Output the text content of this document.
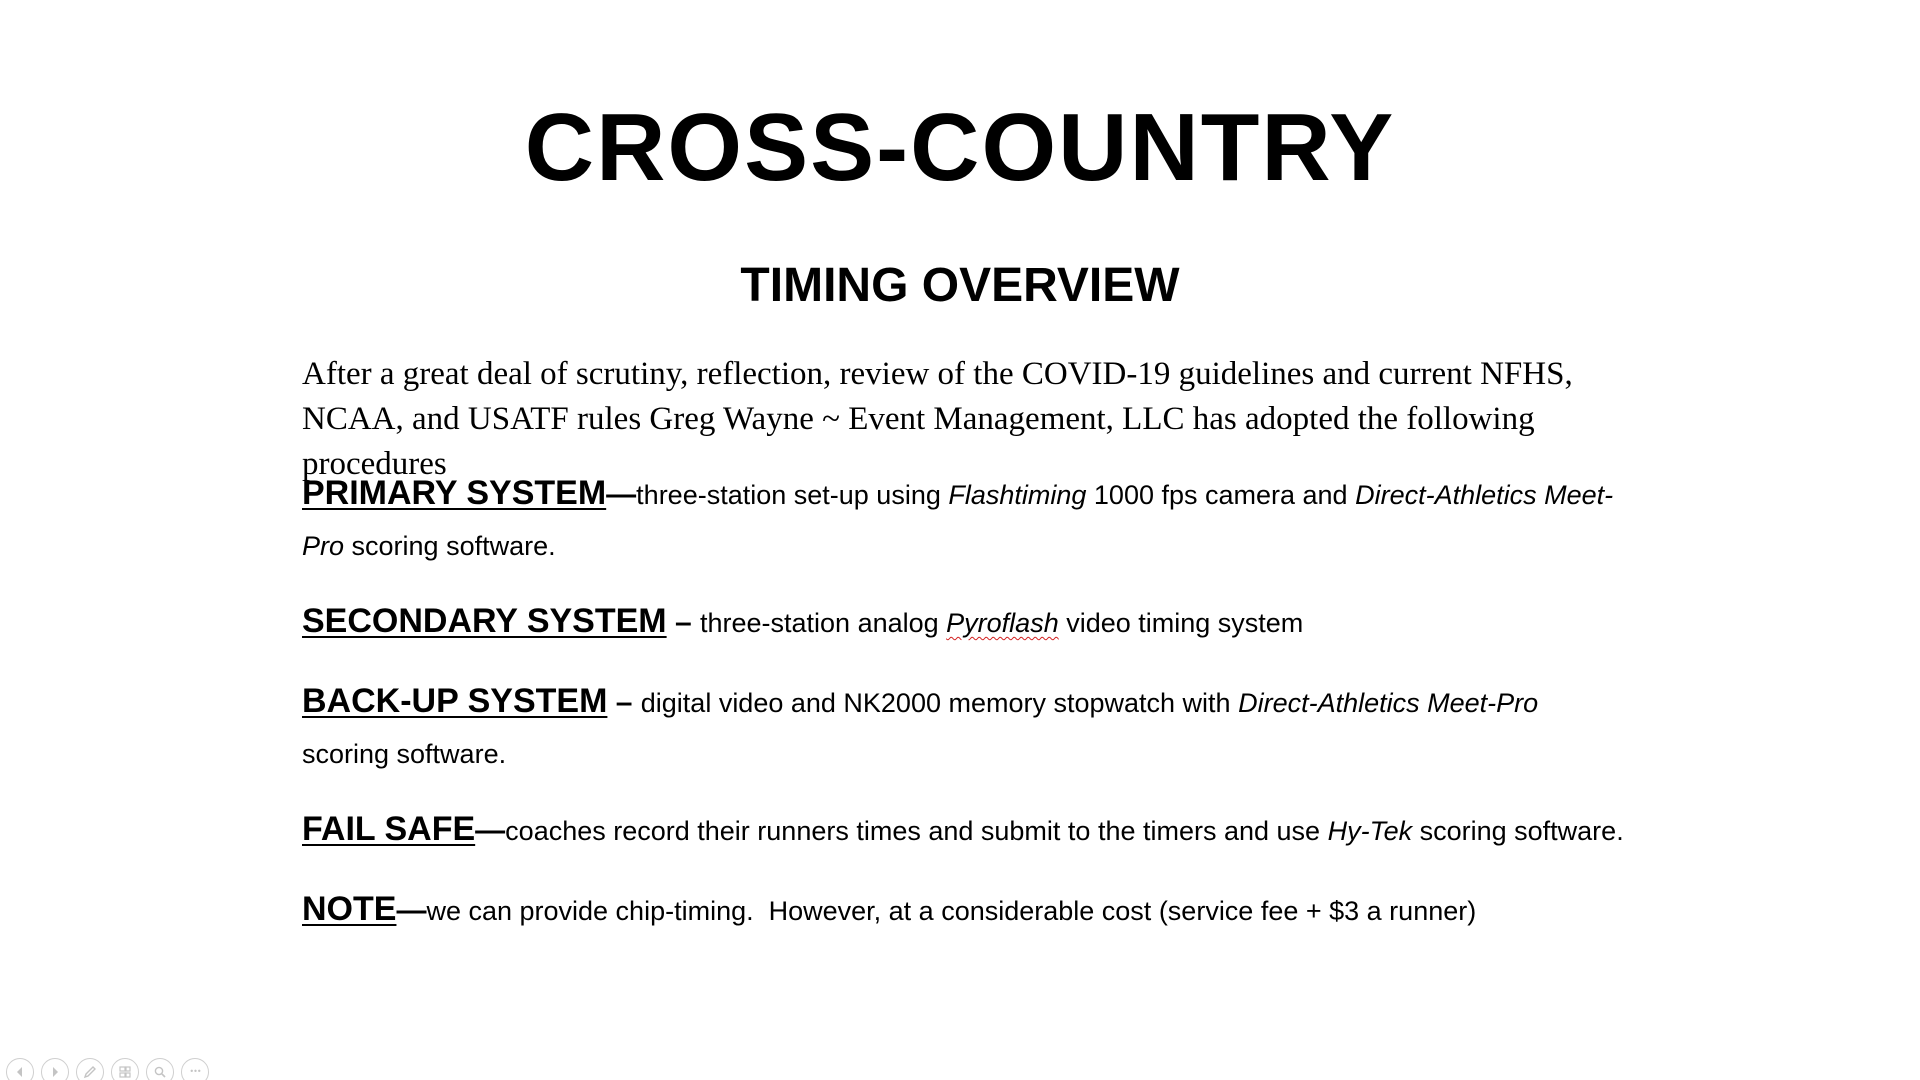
CROSS-COUNTRY
TIMING OVERVIEW

After a great deal of scrutiny, reflection, review of the COVID-19 guidelines and current NFHS, NCAA, and USATF rules Greg Wayne ~ Event Management, LLC has adopted the following procedures

PRIMARY SYSTEM—three-station set-up using Flashtiming 1000 fps camera and Direct-Athletics Meet-Pro scoring software.

SECONDARY SYSTEM – three-station analog Pyroflash video timing system

BACK-UP SYSTEM – digital video and NK2000 memory stopwatch with Direct-Athletics Meet-Pro scoring software.

FAIL SAFE—coaches record their runners times and submit to the timers and use Hy-Tek scoring software.

NOTE—we can provide chip-timing.  However, at a considerable cost (service fee + $3 a runner)

•••
